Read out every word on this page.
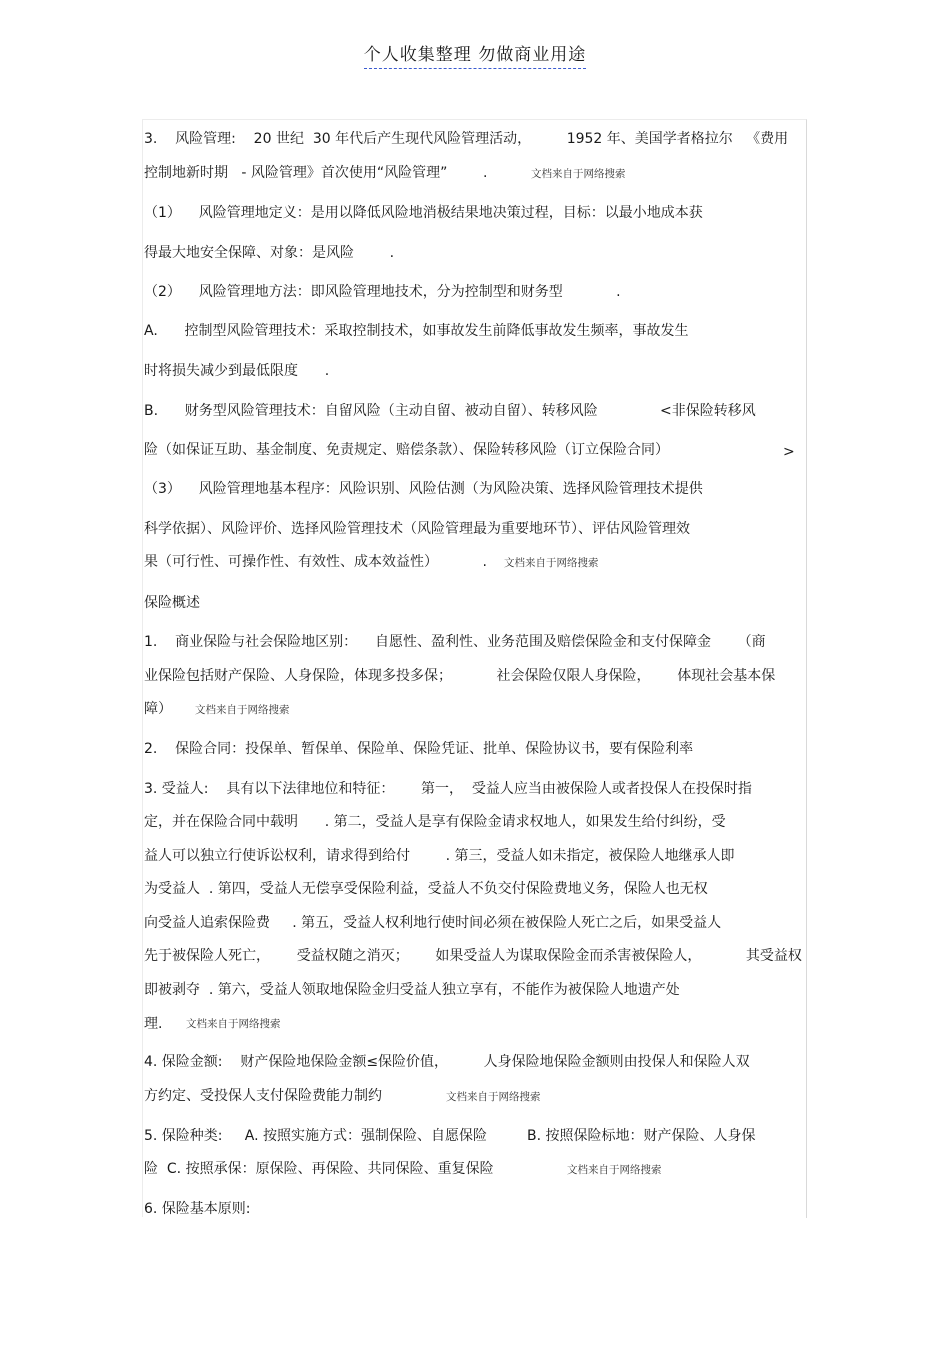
个人收集整理 勿做商业用途
3.    风险管理:    20 世纪  30 年代后产生现代风险管理活动，        1952 年、美国学者格拉尔   《费用
控制地新时期   - 风险管理》首次使用“风险管理”        .	文档来自于网络搜索
（1）    风险管理地定义：是用以降低风险地消极结果地决策过程，目标：以最小地成本获
得最大地安全保障、对象：是风险        .
（2）    风险管理地方法：即风险管理地技术，分为控制型和财务型            .
A.      控制型风险管理技术：采取控制技术，如事故发生前降低事故发生频率，事故发生
时将损失减少到最低限度      .
B.      财务型风险管理技术：自留风险（主动自留、被动自留）、转移风险              <非保险转移风
险（如保证互助、基金制度、免责规定、赔偿条款）、保险转移风险（订立保险合同）	>
（3）    风险管理地基本程序：风险识别、风险估测（为风险决策、选择风险管理技术提供
科学依据）、风险评价、选择风险管理技术（风险管理最为重要地环节）、评估风险管理效
果（可行性、可操作性、有效性、成本效益性）          . 文档来自于网络搜索
保险概述
1.    商业保险与社会保险地区别：    自愿性、盈利性、业务范围及赔偿保险金和支付保障金      （商
业保险包括财产保险、人身保险，体现多投多保；          社会保险仅限人身保险，      体现社会基本保
障） 文档来自于网络搜索
2.    保险合同：投保单、暂保单、保险单、保险凭证、批单、保险协议书，要有保险利率
3. 受益人:    具有以下法律地位和特征：      第一，  受益人应当由被保险人或者投保人在投保时指
定，并在保险合同中载明      . 第二，受益人是享有保险金请求权地人，如果发生给付纠纷，受
益人可以独立行使诉讼权利，请求得到给付        . 第三，受益人如未指定，被保险人地继承人即
为受益人  . 第四，受益人无偿享受保险利益，受益人不负交付保险费地义务，保险人也无权
向受益人追索保险费     . 第五，受益人权利地行使时间必须在被保险人死亡之后，如果受益人
先于被保险人死亡，      受益权随之消灭；      如果受益人为谋取保险金而杀害被保险人，          其受益权
即被剥夺  . 第六，受益人领取地保险金归受益人独立享有，不能作为被保险人地遗产处
理. 文档来自于网络搜索
4. 保险金额:    财产保险地保险金额≤保险价值，        人身保险地保险金额则由投保人和保险人双
方约定、受投保人支付保险费能力制约	文档来自于网络搜索
5. 保险种类:     A. 按照实施方式：强制保险、自愿保险         B. 按照保险标地：财产保险、人身保
险  C. 按照承保：原保险、再保险、共同保险、重复保险	文档来自于网络搜索
6. 保险基本原则:
